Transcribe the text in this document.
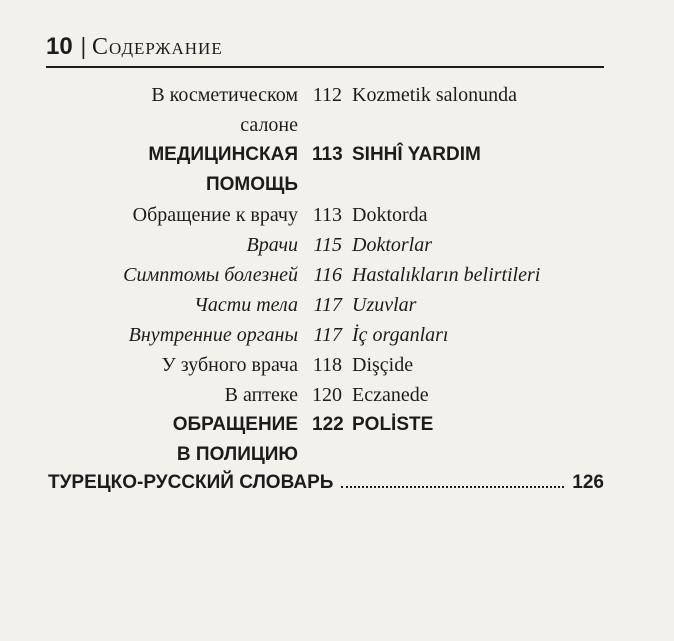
10 | Содержание
В косметическом 112 Kozmetik salonunda
салоне
МЕДИЦИНСКАЯ 113 SIHHÎ YARDIM
ПОМОЩЬ
Обращение к врачу 113 Doktorda
Врачи 115 Doktorlar
Симптомы болезней 116 Hastalıkların belirtileri
Части тела 117 Uzuvlar
Внутренние органы 117 İç organları
У зубного врача 118 Dişçide
В аптеке 120 Eczanede
ОБРАЩЕНИЕ 122 POLİSTE
В ПОЛИЦИЮ
ТУРЕЦКО-РУССКИЙ СЛОВАРЬ	126
